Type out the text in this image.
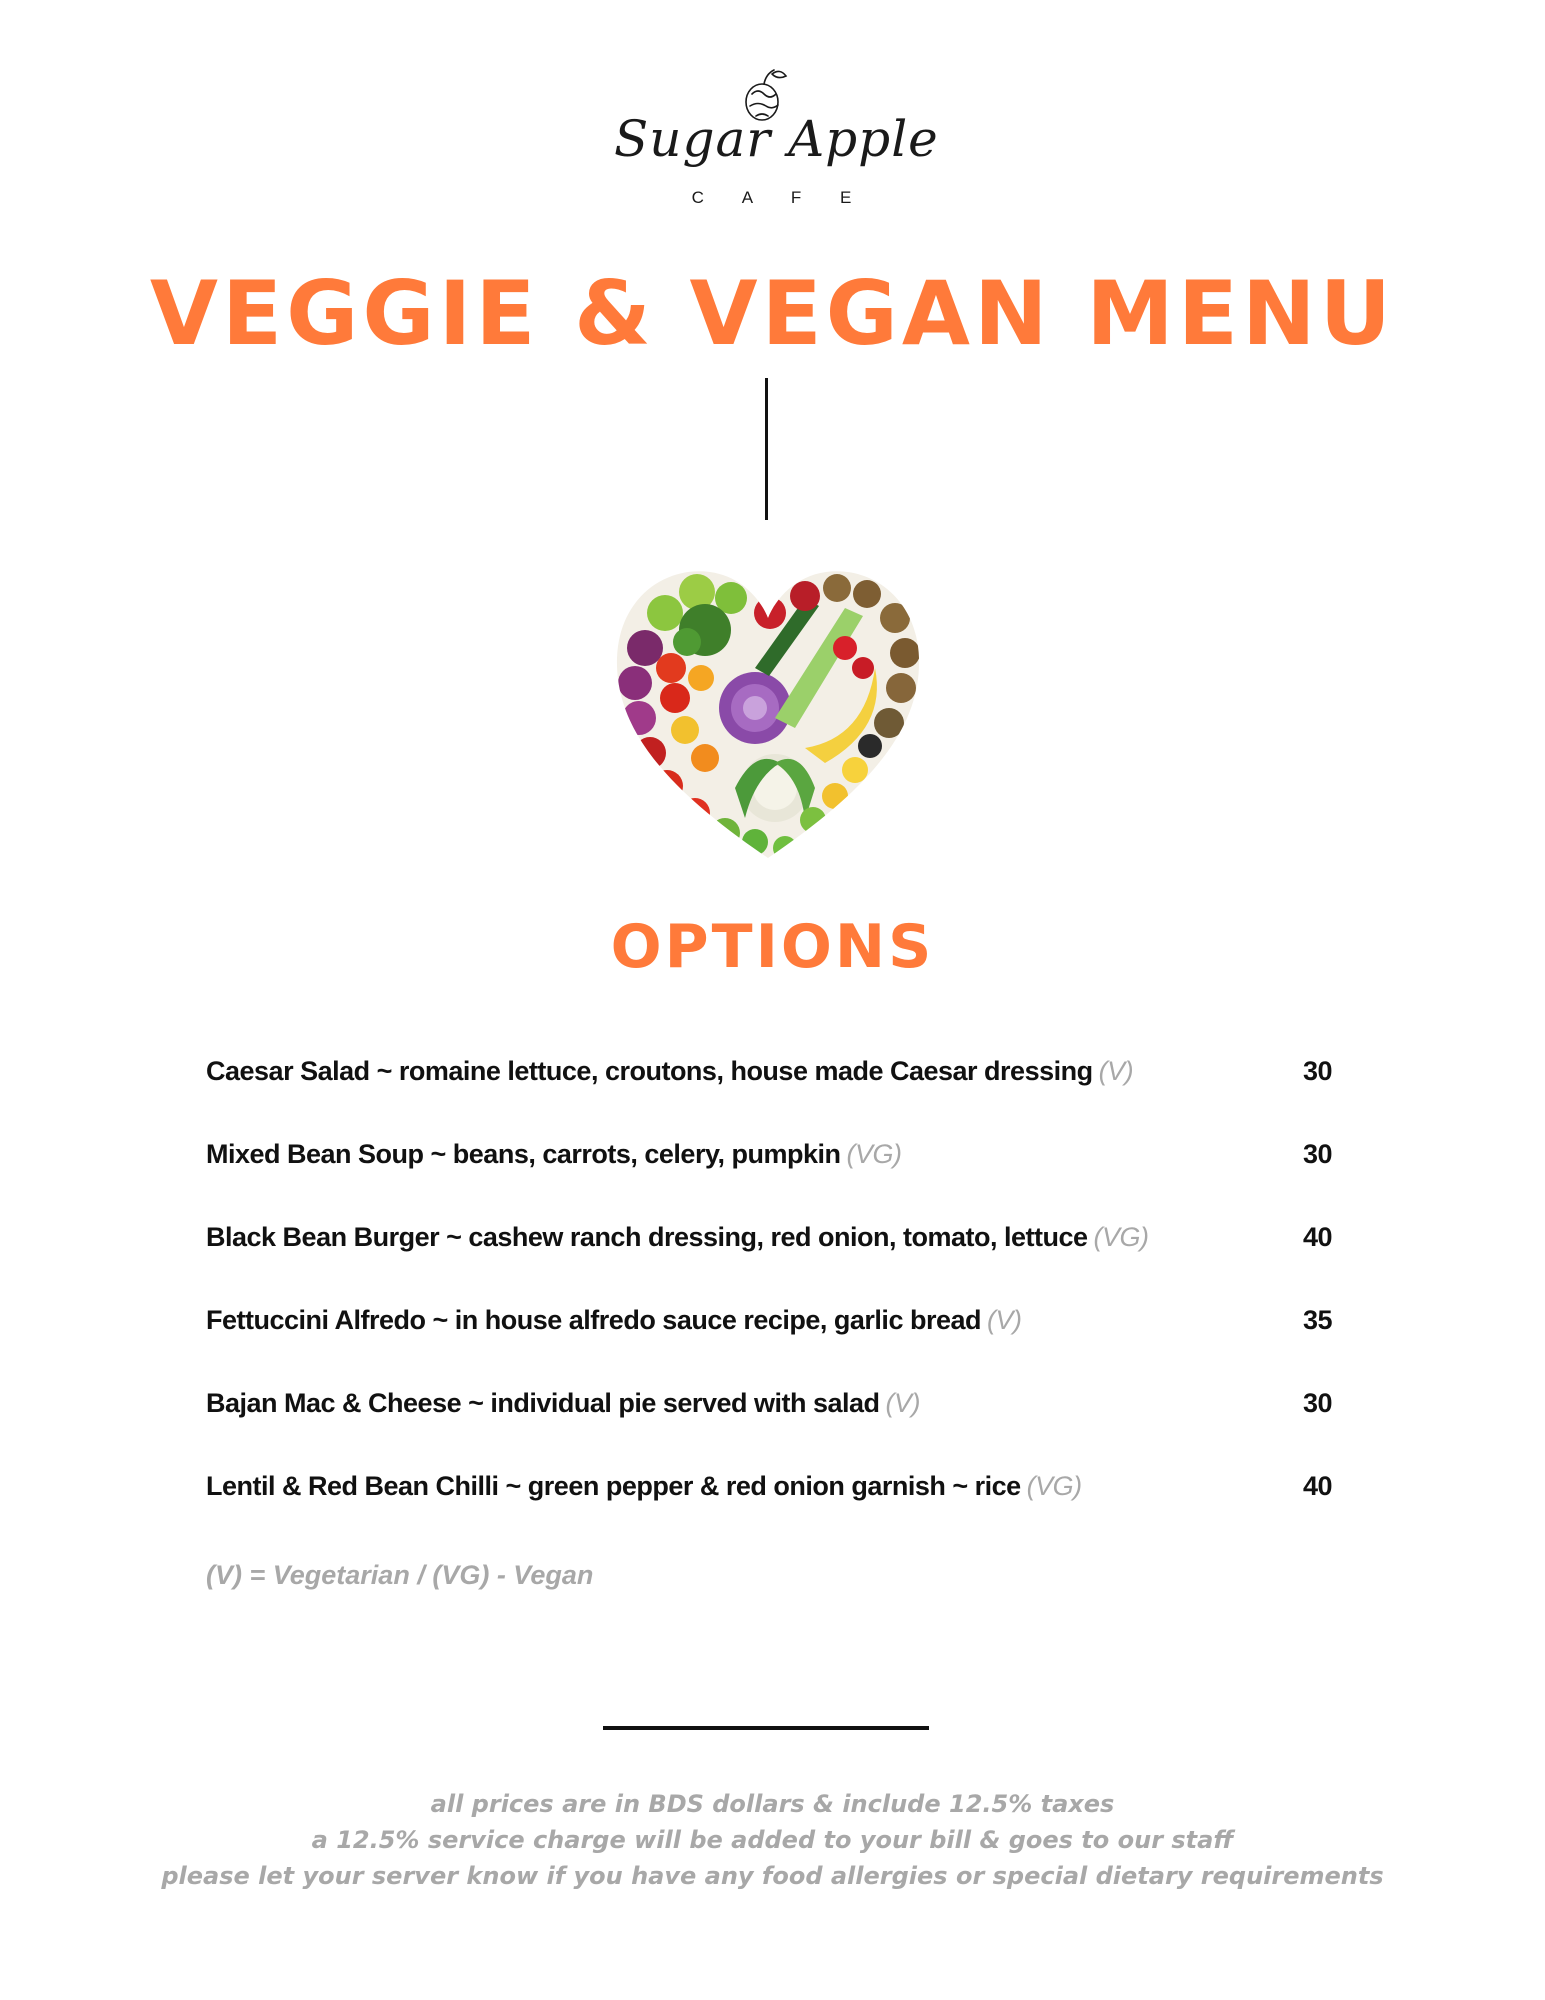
Sugar Apple
C A F E
VEGGIE & VEGAN MENU
OPTIONS
Caesar Salad ~ romaine lettuce, croutons, house made Caesar dressing (V)	30
Mixed Bean Soup ~ beans, carrots, celery, pumpkin (VG)	30
Black Bean Burger ~ cashew ranch dressing, red onion, tomato, lettuce (VG)	40
Fettuccini Alfredo ~ in house alfredo sauce recipe, garlic bread (V)	35
Bajan Mac & Cheese ~ individual pie served with salad (V)	30
Lentil & Red Bean Chilli ~ green pepper & red onion garnish ~ rice (VG)	40
(V) = Vegetarian / (VG) - Vegan
all prices are in BDS dollars & include 12.5% taxes
a 12.5% service charge will be added to your bill & goes to our staff
please let your server know if you have any food allergies or special dietary requirements
